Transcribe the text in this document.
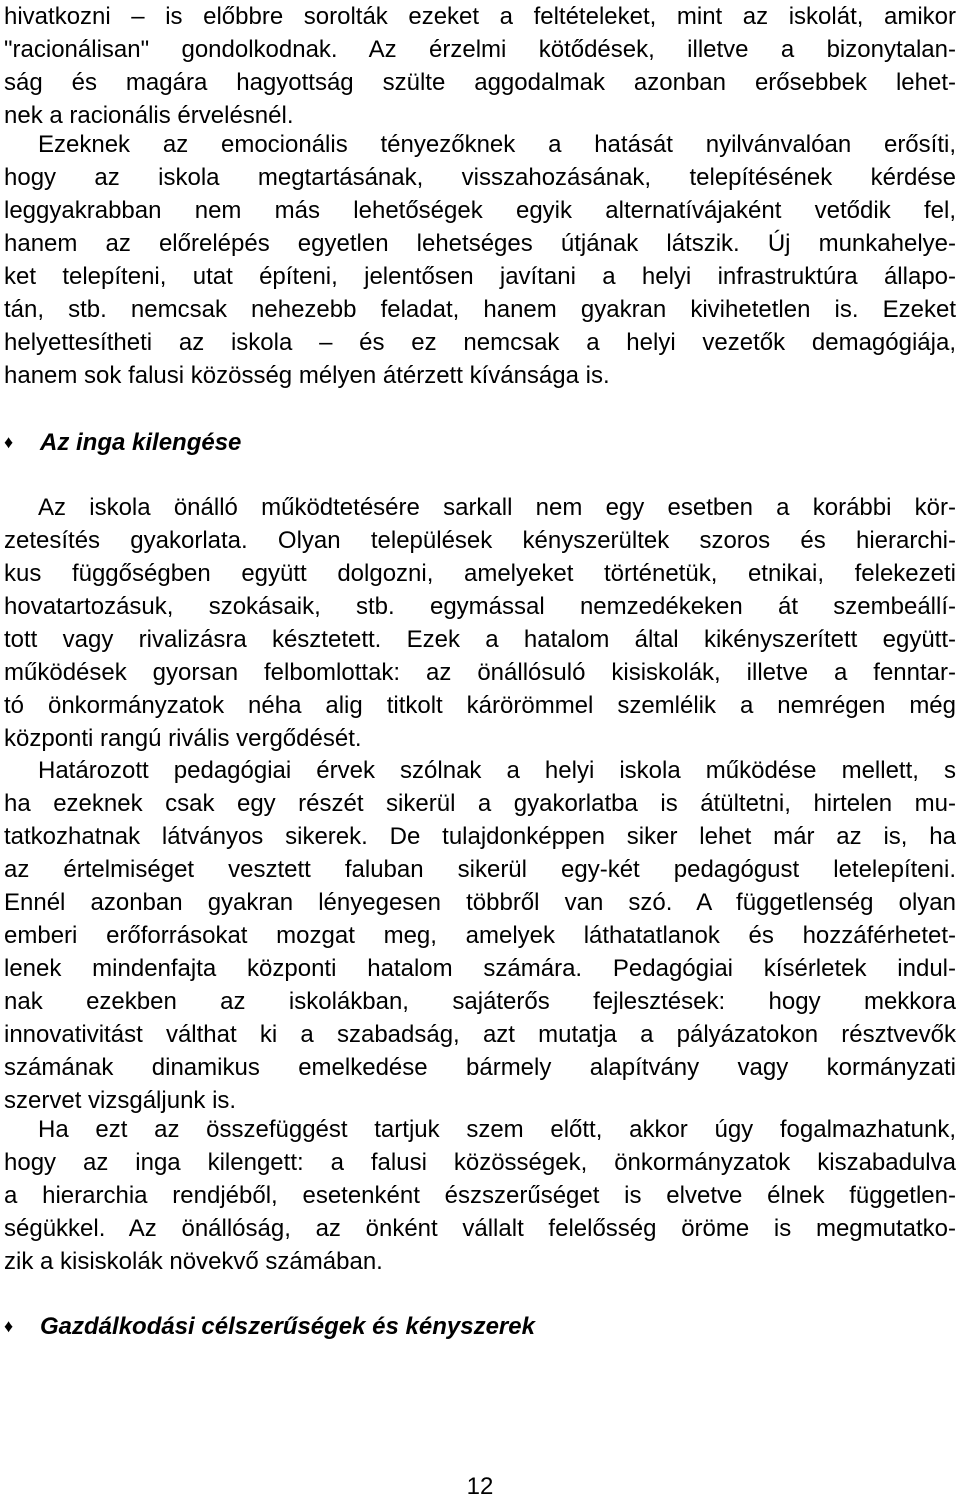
hivatkozni – is előbbre sorolták ezeket a feltételeket, mint az iskolát, amikor
"racionálisan" gondolkodnak. Az érzelmi kötődések, illetve a bizonytalan-
ság és magára hagyottság szülte aggodalmak azonban erősebbek lehet-
nek a racionális érvelésnél.
Ezeknek az emocionális tényezőknek a hatását nyilvánvalóan erősíti,
hogy az iskola megtartásának, visszahozásának, telepítésének kérdése
leggyakrabban nem más lehetőségek egyik alternatívájaként vetődik fel,
hanem az előrelépés egyetlen lehetséges útjának látszik. Új munkahelye-
ket telepíteni, utat építeni, jelentősen javítani a helyi infrastruktúra állapo-
tán, stb. nemcsak nehezebb feladat, hanem gyakran kivihetetlen is. Ezeket
helyettesítheti az iskola – és ez nemcsak a helyi vezetők demagógiája,
hanem sok falusi közösség mélyen átérzett kívánsága is.
♦ Az inga kilengése
Az iskola önálló működtetésére sarkall nem egy esetben a korábbi kör-
zetesítés gyakorlata. Olyan települések kényszerültek szoros és hierarchi-
kus függőségben együtt dolgozni, amelyeket történetük, etnikai, felekezeti
hovatartozásuk, szokásaik, stb. egymással nemzedékeken át szembeállí-
tott vagy rivalizásra késztetett. Ezek a hatalom által kikényszerített együtt-
működések gyorsan felbomlottak: az önállósuló kisiskolák, illetve a fenntar-
tó önkormányzatok néha alig titkolt kárörömmel szemlélik a nemrégen még
központi rangú rivális vergődését.
Határozott pedagógiai érvek szólnak a helyi iskola működése mellett, s
ha ezeknek csak egy részét sikerül a gyakorlatba is átültetni, hirtelen mu-
tatkozhatnak látványos sikerek. De tulajdonképpen siker lehet már az is, ha
az értelmiséget vesztett faluban sikerül egy-két pedagógust letelepíteni.
Ennél azonban gyakran lényegesen többről van szó. A függetlenség olyan
emberi erőforrásokat mozgat meg, amelyek láthatatlanok és hozzáférhetet-
lenek mindenfajta központi hatalom számára. Pedagógiai kísérletek indul-
nak ezekben az iskolákban, sajáterős fejlesztések: hogy mekkora
innovativitást válthat ki a szabadság, azt mutatja a pályázatokon résztvevők
számának dinamikus emelkedése bármely alapítvány vagy kormányzati
szervet vizsgáljunk is.
Ha ezt az összefüggést tartjuk szem előtt, akkor úgy fogalmazhatunk,
hogy az inga kilengett: a falusi közösségek, önkormányzatok kiszabadulva
a hierarchia rendjéből, esetenként észszerűséget is elvetve élnek független-
ségükkel. Az önállóság, az önként vállalt felelősség öröme is megmutatko-
zik a kisiskolák növekvő számában.
♦ Gazdálkodási célszerűségek és kényszerek
12
